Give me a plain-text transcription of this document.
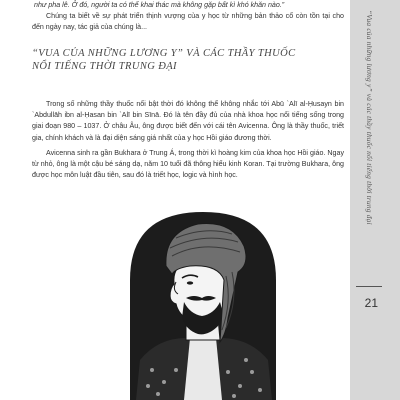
như pha lê. Ở đó, người ta có thể khai thác mà không gặp bất kì khó khăn nào.”

Chúng ta biết về sự phát triển thịnh vượng của y học từ những bản thảo cổ còn tồn tại cho đến ngày nay, tác giả của chúng là...

“VUA CỦA NHỮNG LƯƠNG Y” VÀ CÁC THẦY THUỐC
NỔI TIẾNG THỜI TRUNG ĐẠI

Trong số những thầy thuốc nổi bật thời đó không thể không nhắc tới Abū `Alī al-Ḥusayn bin `Abdullāh ibn al-Ḥasan bin `Alī bin Sīnā. Đó là tên đầy đủ của nhà khoa học nổi tiếng sống trong giai đoạn 980 – 1037. Ở châu Âu, ông được biết đến với cái tên Avicenna. Ông là thầy thuốc, triết gia, chính khách và là đại diện sáng giá nhất của y học Hồi giáo đương thời.

Avicenna sinh ra gần Bukhara ở Trung Á, trong thời kì hoàng kim của khoa học Hồi giáo. Ngay từ nhỏ, ông là một cậu bé sáng dạ, năm 10 tuổi đã thông hiểu kinh Koran. Tại trường Bukhara, ông được học môn luật đầu tiên, sau đó là triết học, logic và hình học.	“Vua của những lương y” và các thầy thuốc nổi tiếng thời trung đại
21
